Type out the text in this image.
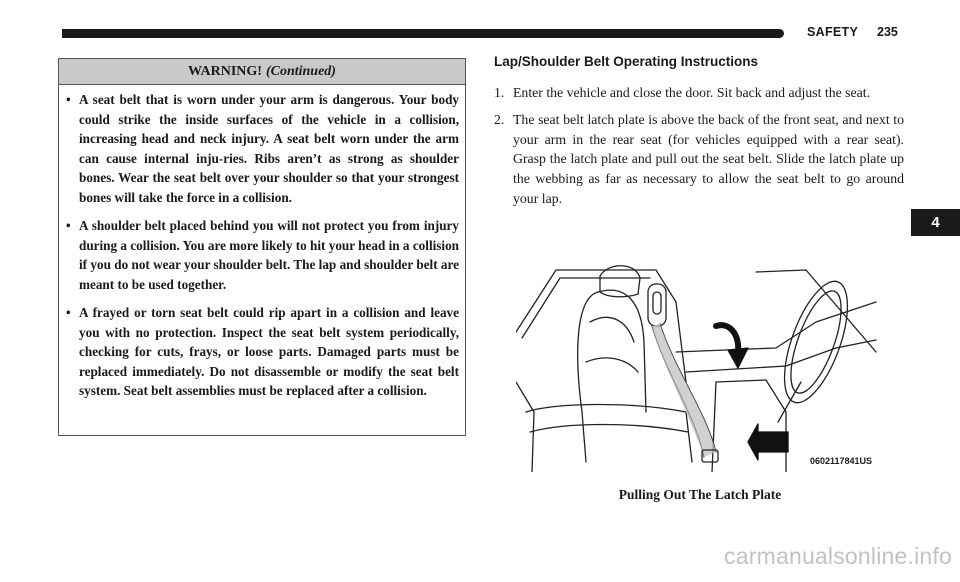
SAFETY 235
4
WARNING! (Continued)
• A seat belt that is worn under your arm is dangerous. Your body could strike the inside surfaces of the vehicle in a collision, increasing head and neck injury. A seat belt worn under the arm can cause internal inju-ries. Ribs aren’t as strong as shoulder bones. Wear the seat belt over your shoulder so that your strongest bones will take the force in a collision.
• A shoulder belt placed behind you will not protect you from injury during a collision. You are more likely to hit your head in a collision if you do not wear your shoulder belt. The lap and shoulder belt are meant to be used together.
• A frayed or torn seat belt could rip apart in a collision and leave you with no protection. Inspect the seat belt system periodically, checking for cuts, frays, or loose parts. Damaged parts must be replaced immediately. Do not disassemble or modify the seat belt system. Seat belt assemblies must be replaced after a collision.
Lap/Shoulder Belt Operating Instructions
1. Enter the vehicle and close the door. Sit back and adjust the seat.
2. The seat belt latch plate is above the back of the front seat, and next to your arm in the rear seat (for vehicles equipped with a rear seat). Grasp the latch plate and pull out the seat belt. Slide the latch plate up the webbing as far as necessary to allow the seat belt to go around your lap.
0602117841US
Pulling Out The Latch Plate
carmanualsonline.info
